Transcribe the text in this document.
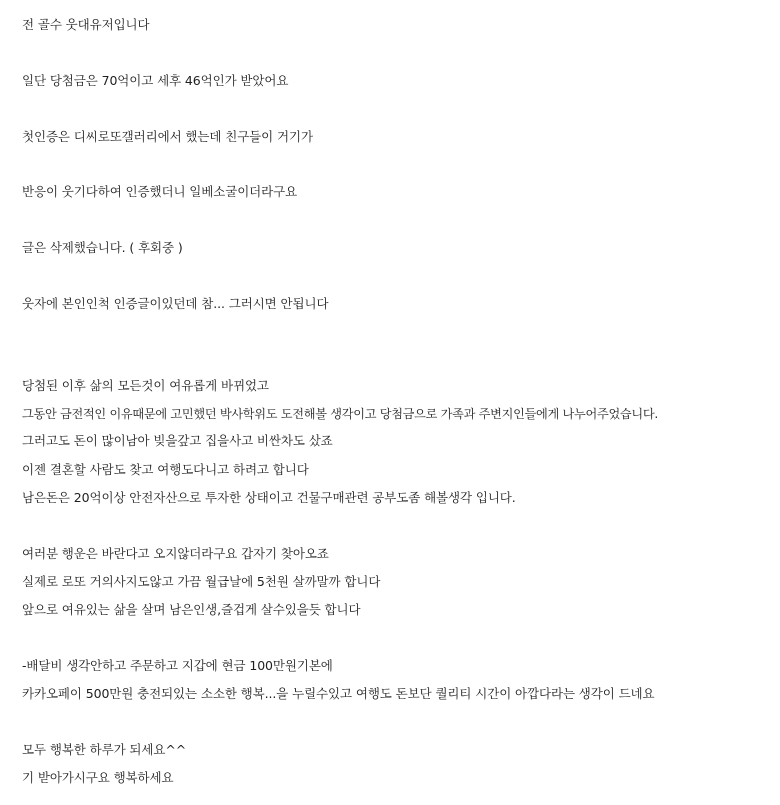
전 골수 웃대유저입니다
일단 당첨금은 70억이고 세후 46억인가 받았어요
첫인증은 디씨로또갤러리에서 했는데 친구들이 거기가
반응이 웃기다하여 인증했더니 일베소굴이더라구요
글은 삭제했습니다. ( 후회중 )
웃자에 본인인척 인증글이있던데 참... 그러시면 안됩니다
당첨된 이후 삶의 모든것이 여유롭게 바뀌었고
그동안 금전적인 이유때문에 고민했던 박사학위도 도전해볼 생각이고 당첨금으로 가족과 주변지인들에게 나누어주었습니다.
그러고도 돈이 많이남아 빚을갚고 집을사고 비싼차도 샀죠
이젠 결혼할 사람도 찾고 여행도다니고 하려고 합니다
남은돈은 20억이상 안전자산으로 투자한 상태이고 건물구매관련 공부도좀 해볼생각 입니다.
여러분 행운은 바란다고 오지않더라구요 갑자기 찾아오죠
실제로 로또 거의사지도않고 가끔 월급날에 5천원 살까말까 합니다
앞으로 여유있는 삶을 살며 남은인생,즐겁게 살수있을듯 합니다
-배달비 생각안하고 주문하고 지갑에 현금 100만원기본에
카카오페이 500만원 충전되있는 소소한 행복...을 누릴수있고 여행도 돈보단 퀄리티 시간이 아깝다라는 생각이 드네요
모두 행복한 하루가 되세요^^
기 받아가시구요 행복하세요
